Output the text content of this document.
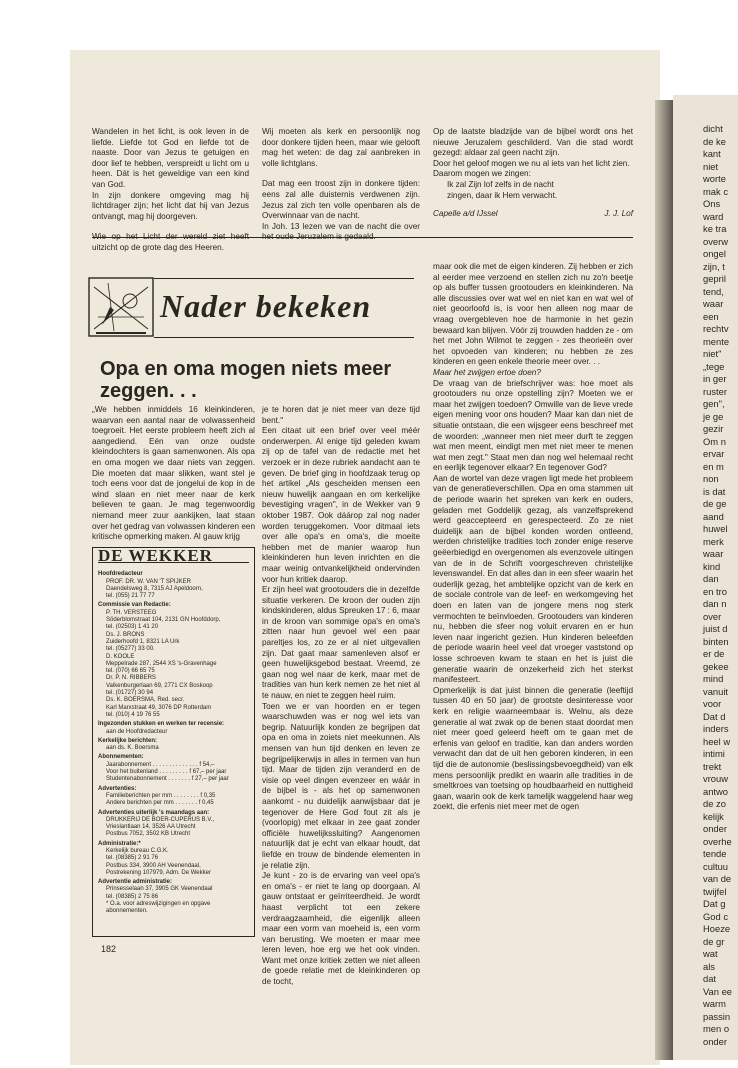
dicht
de ke
kant
niet
worte
mak c
Ons
ward
ke tra
overw
ongel
zijn, t
gepril
tend,
waar
een
rechtv
mente
niet"
„tege
in ger
ruster
gen",
je ge
gezir
Om n
ervar
en m
non
is dat
de ge
aand
huwel
merk
waar
kind
dan
en tro
dan n
over
juist d
binten
er de
gekee
mind
vanuit
voor
Dat d
inders
heel w
intimi
trekt
vrouw
antwo
de zo
kelijk
onder
overhe
tende
cultuu
van de
twijfel
Dat g
God c
Hoeze
de gr
wat
als
dat
Van ee
warm
passin
men o
onder

Wandelen in het licht, is ook leven in de liefde. Liefde tot God en liefde tot de naaste. Door van Jezus te getuigen en door lief te hebben, verspreidt u licht om u heen. Dát is het geweldige van een kind van God.

In zijn donkere omgeving mag hij lichtdrager zijn; het licht dat hij van Jezus ontvangt, mag hij doorgeven.

uitzicht op de grote dag des Heeren.

Wij moeten als kerk en persoonlijk nog door donkere tijden heen, maar wie gelooft mag het weten: de dag zal aanbreken in volle lichtglans.

Dat mag een troost zijn in donkere tijden: eens zal alle duisternis verdwenen zijn. Jezus zal zich ten volle openbaren als de Overwinnaar van de nacht.

In Joh. 13 lezen we van de nacht die over

Op de laatste bladzijde van de bijbel wordt ons het nieuwe Jeruzalem geschilderd. Van die stad wordt gezegd: aldaar zal geen nacht zijn.

Door het geloof mogen we nu al iets van het licht zien.

Daarom mogen we zingen:

Ik zal Zijn lof zelfs in de nacht

zingen, daar ik Hem verwacht.

Capelle a/d IJssel	J. J. Lof
Nader bekeken
Opa en oma mogen niets meer zeggen. . .

„We hebben inmiddels 16 kleinkinderen, waarvan een aantal naar de volwassenheid toegroeit. Het eerste probleem heeft zich al aangediend. Eén van onze oudste kleindochters is gaan samenwonen. Als opa en oma mogen we daar niets van zeggen. Die moeten dat maar slikken, want stel je toch eens voor dat de jongelui de kop in de wind slaan en niet meer naar de kerk believen te gaan. Je mag tegenwoordig niemand meer zuur aankijken, laat staan over het gedrag van volwassen kinderen een kritische opmerking maken. Al gauw krijg

DE WEKKER
Hoofdredacteur
PROF. DR. W. VAN 'T SPIJKER
Daendelsweg 8, 7315 AJ Apeldoorn,
tel. (055) 21 77 77
Commissie van Redactie:
P. TH. VERSTEEG
Söderblomstraat 104, 2131 GN Hoofddorp,
tel. (02503) 1 41 20
Ds. J. BRONS
Zuiderhoofd 1, 8321 LA Urk
tel. (05277) 33 00.
D. KOOLE
Meppelrade 287, 2544 XS 's-Gravenhage
tel. (070) 66 65 75
Dr. P. N. RIBBERS
Valkenburgerlaan 69, 2771 CX Boskoop
tel. (01727) 30 94
Ds. K. BOERSMA, Red. secr.
Karl Marxstraat 49, 3076 DP Rotterdam
tel. (010) 4 19 76 55
Ingezonden stukken en werken ter recensie:
aan de Hoofdredacteur
Kerkelijke berichten:
aan ds. K. Boersma
Abonnementen:
Jaarabonnement . . . . . . . . . . . . . . f 54,–
Voor het buitenland . . . . . . . . . f 67,– per jaar
Studentenabonnement . . . . . . . f 27,– per jaar
Advertenties:
Familieberichten per mm . . . . . . . . f 0,35
Andere berichten per mm . . . . . . . f 0,45
Advertenties uiterlijk 's maandags aan:
DRUKKERIJ DE BOER-CUPERUS B.V.,
Vrieslantlaan 14, 3526 AA Utrecht
Postbus 7052, 3502 KB Utrecht
Administratie:*
Kerkelijk bureau C.G.K.
tel. (08385) 2 91 76
Postbus 334, 3900 AH Veenendaal,
Postrekening 107979, Adm. De Wekker
Advertentie administratie:
Prinsesselaan 37, 3905 GK Veenendaal
tel. (08385) 2 75 86
* O.a. voor adreswijzigingen en opgave abonnementen.
182

je te horen dat je niet meer van deze tijd bent."

Een citaat uit een brief over veel méér onderwerpen. Al enige tijd geleden kwam zij op de tafel van de redactie met het verzoek er in deze rubriek aandacht aan te geven. De brief ging in hoofdzaak terug op het artikel „Als gescheiden mensen een nieuw huwelijk aangaan en om kerkelijke bevestiging vragen", in de Wekker van 9 oktober 1987. Ook dáárop zal nog nader worden teruggekomen. Voor ditmaal iets over alle opa's en oma's, die moeite hebben met de manier waarop hun kleinkinderen hun leven inrichten en die maar weinig ontvankelijkheid ondervinden voor hun kritiek daarop.

Er zijn heel wat grootouders die in dezelfde situatie verkeren. De kroon der ouden zijn kindskinderen, aldus Spreuken 17 : 6, maar in de kroon van sommige opa's en oma's zitten naar hun gevoel wel een paar pareltjes los, zo ze er al niet uitgevallen zijn. Dat gaat maar samenleven alsof er geen huwelijksgebod bestaat. Vreemd, ze gaan nog wel naar de kerk, maar met de tradities van hun kerk nemen ze het niet al te nauw, en niet te zeggen heel ruim.

Toen we er van hoorden en er tegen waarschuwden was er nog wel iets van begrip. Natuurlijk konden ze begrijpen dat opa en oma in zoiets niet meekunnen. Als mensen van hun tijd denken en leven ze begrijpelijkerwijs in alles in termen van hun tijd. Maar de tijden zijn veranderd en de visie op veel dingen evenzeer en wáár in de bijbel is - als het op samenwonen aankomt - nu duidelijk aanwijsbaar dat je tegenover de Here God fout zit als je (voorlopig) met elkaar in zee gaat zonder officiële huwelijkssluiting? Aangenomen natuurlijk dat je echt van elkaar houdt, dat liefde en trouw de bindende elementen in je relatie zijn.

Je kunt - zo is de ervaring van veel opa's en oma's - er niet te lang op doorgaan. Al gauw ontstaat er geïrriteerdheid. Je wordt haast verplicht tot een zekere verdraagzaamheid, die eigenlijk alleen maar een vorm van moeheid is, een vorm van berusting. We moeten er maar mee leren leven, hoe erg we het ook vinden. Want met onze kritiek zetten we niet alleen de goede relatie met de kleinkinderen op de tocht,

maar ook die met de eigen kinderen. Zij hebben er zich al eerder mee verzoend en stellen zich nu zo'n beetje op als buffer tussen grootouders en kleinkinderen. Na alle discussies over wat wel en niet kan en wat wel of niet geoorloofd is, is voor hen alleen nog maar de vraag overgebleven hoe de harmonie in het gezin bewaard kan blijven. Vóór zij trouwden hadden ze - om het met John Wilmot te zeggen - zes theorieën over het opvoeden van kinderen; nu hebben ze zes kinderen en geen enkele theorie meer over. . .

Maar het zwijgen ertoe doen?

De vraag van de briefschrijver was: hoe moet als grootouders nu onze opstelling zijn? Moeten we er maar het zwijgen toedoen? Omwille van de lieve vrede eigen mening voor ons houden? Maar kan dan niet de situatie ontstaan, die een wijsgeer eens beschreef met de woorden: „wanneer men niet meer durft te zeggen wat men meent, eindigt men met niet meer te menen wat men zegt." Staat men dan nog wel helemaal recht en eerlijk tegenover elkaar? En tegenover God?

Aan de wortel van deze vragen ligt mede het probleem van de generatieverschillen. Opa en oma stammen uit de periode waarin het spreken van kerk en ouders, geladen met Goddelijk gezag, als vanzelfsprekend werd geaccepteerd en gerespecteerd. Zo ze niet duidelijk aan de bijbel konden worden ontleend, werden christelijke tradities toch zonder enige reserve geëerbiedigd en overgenomen als evenzovele uitingen van de in de Schrift voorgeschreven christelijke levenswandel. En dat alles dan in een sfeer waarin het ouderlijk gezag, het ambtelijke opzicht van de kerk en de sociale controle van de leef- en werkomgeving het doen en laten van de jongere mens nog sterk vermochten te beïnvloeden. Grootouders van kinderen nu, hebben die sfeer nog voluit ervaren en er hun leven naar ingericht gezien. Hun kinderen beleefden de periode waarin heel veel dat vroeger vaststond op losse schroeven kwam te staan en het is juist die generatie waarin de onzekerheid zich het sterkst manifesteert.

Opmerkelijk is dat juist binnen die generatie (leeftijd tussen 40 en 50 jaar) de grootste desinteresse voor kerk en religie waarneembaar is. Welnu, als deze generatie al wat zwak op de benen staat doordat men niet meer goed geleerd heeft om te gaan met de erfenis van geloof en traditie, kan dan anders worden verwacht dan dat de uit hen geboren kinderen, in een tijd die de autonomie (beslissingsbevoegdheid) van elk mens persoonlijk predikt en waarin alle tradities in de smeltkroes van toetsing op houdbaarheid en nuttigheid gaan, waarin ook de kerk tamelijk waggelend haar weg zoekt, die erfenis niet meer met de ogen
